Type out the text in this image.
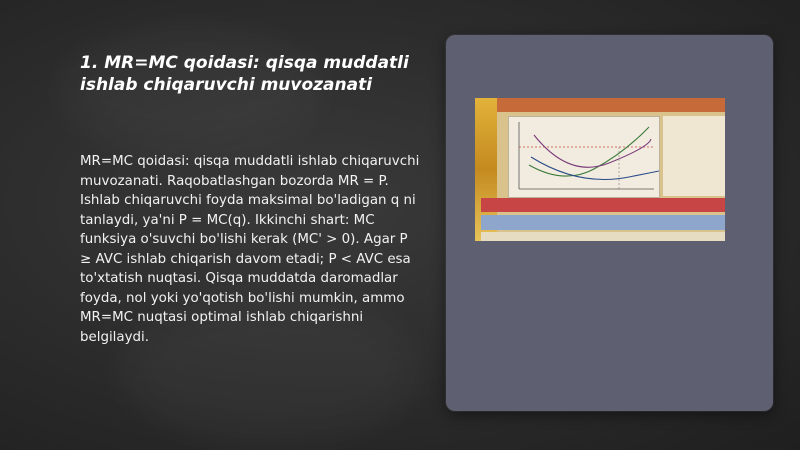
1. MR=MC qoidasi: qisqa muddatli ishlab chiqaruvchi muvozanati

MR=MC qoidasi: qisqa muddatli ishlab chiqaruvchi muvozanati. Raqobatlashgan bozorda MR = P. Ishlab chiqaruvchi foyda maksimal bo'ladigan q ni tanlaydi, ya'ni P = MC(q). Ikkinchi shart: MC funksiya o'suvchi bo'lishi kerak (MC' > 0). Agar P ≥ AVC ishlab chiqarish davom etadi; P < AVC esa to'xtatish nuqtasi. Qisqa muddatda daromadlar foyda, nol yoki yo'qotish bo'lishi mumkin, ammo MR=MC nuqtasi optimal ishlab chiqarishni belgilaydi.
